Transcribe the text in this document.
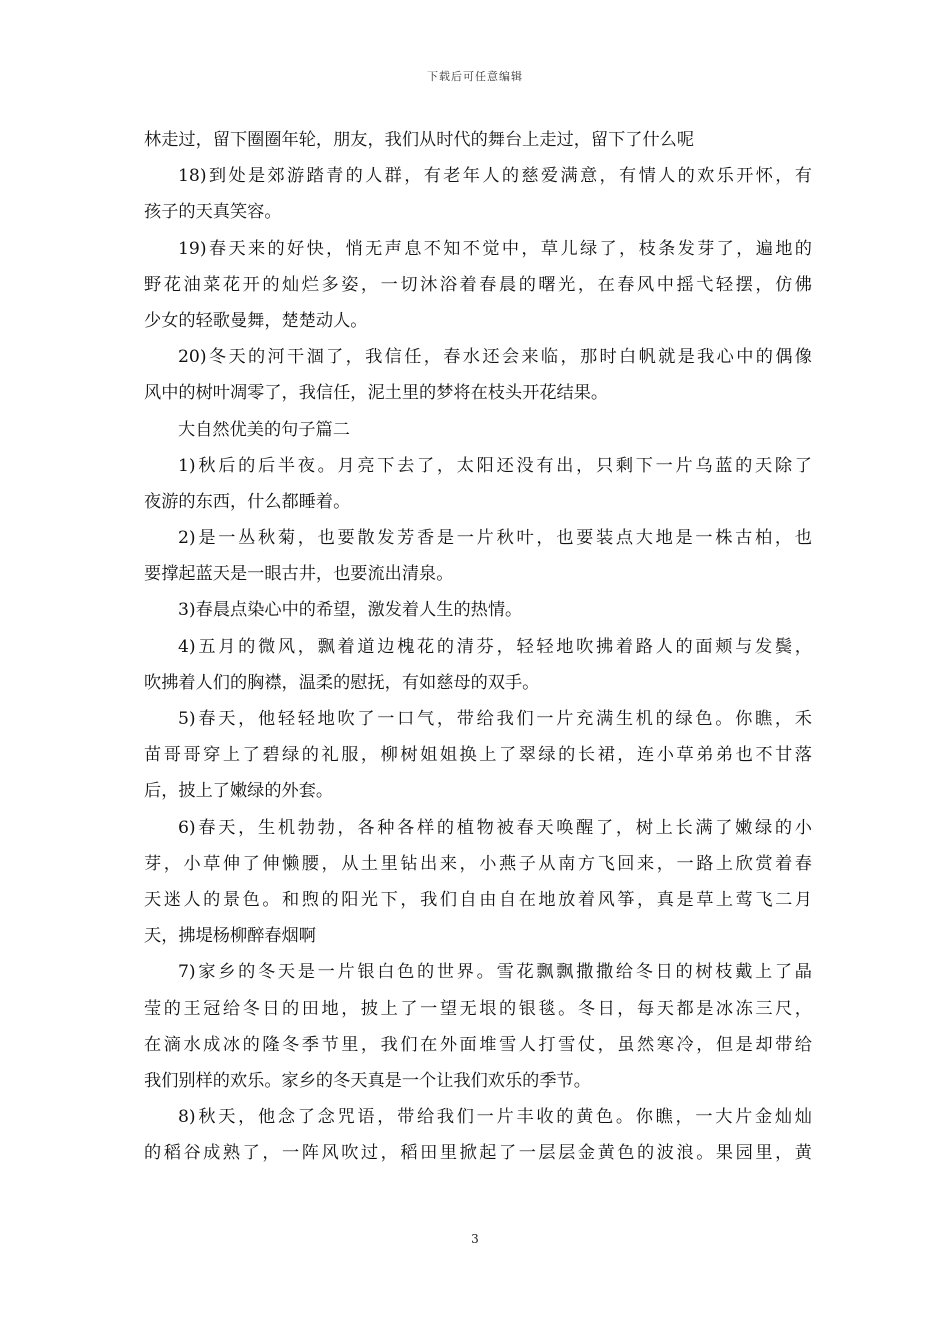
下载后可任意编辑
林走过，留下圈圈年轮，朋友，我们从时代的舞台上走过，留下了什么呢
18)到处是郊游踏青的人群，有老年人的慈爱满意，有情人的欢乐开怀，有
孩子的天真笑容。
19)春天来的好快，悄无声息不知不觉中，草儿绿了，枝条发芽了，遍地的
野花油菜花开的灿烂多姿，一切沐浴着春晨的曙光，在春风中摇弋轻摆，仿佛
少女的轻歌曼舞，楚楚动人。
20)冬天的河干涸了，我信任，春水还会来临，那时白帆就是我心中的偶像
风中的树叶凋零了，我信任，泥土里的梦将在枝头开花结果。
大自然优美的句子篇二
1)秋后的后半夜。月亮下去了，太阳还没有出，只剩下一片乌蓝的天除了
夜游的东西，什么都睡着。
2)是一丛秋菊，也要散发芳香是一片秋叶，也要装点大地是一株古柏，也
要撑起蓝天是一眼古井，也要流出清泉。
3)春晨点染心中的希望，激发着人生的热情。
4)五月的微风，飘着道边槐花的清芬，轻轻地吹拂着路人的面颊与发鬓，
吹拂着人们的胸襟，温柔的慰抚，有如慈母的双手。
5)春天，他轻轻地吹了一口气，带给我们一片充满生机的绿色。你瞧，禾
苗哥哥穿上了碧绿的礼服，柳树姐姐换上了翠绿的长裙，连小草弟弟也不甘落
后，披上了嫩绿的外套。
6)春天，生机勃勃，各种各样的植物被春天唤醒了，树上长满了嫩绿的小
芽，小草伸了伸懒腰，从土里钻出来，小燕子从南方飞回来，一路上欣赏着春
天迷人的景色。和煦的阳光下，我们自由自在地放着风筝，真是草上莺飞二月
天，拂堤杨柳醉春烟啊
7)家乡的冬天是一片银白色的世界。雪花飘飘撒撒给冬日的树枝戴上了晶
莹的王冠给冬日的田地，披上了一望无垠的银毯。冬日，每天都是冰冻三尺，
在滴水成冰的隆冬季节里，我们在外面堆雪人打雪仗，虽然寒冷，但是却带给
我们别样的欢乐。家乡的冬天真是一个让我们欢乐的季节。
8)秋天，他念了念咒语，带给我们一片丰收的黄色。你瞧，一大片金灿灿
的稻谷成熟了，一阵风吹过，稻田里掀起了一层层金黄色的波浪。果园里，黄
3
